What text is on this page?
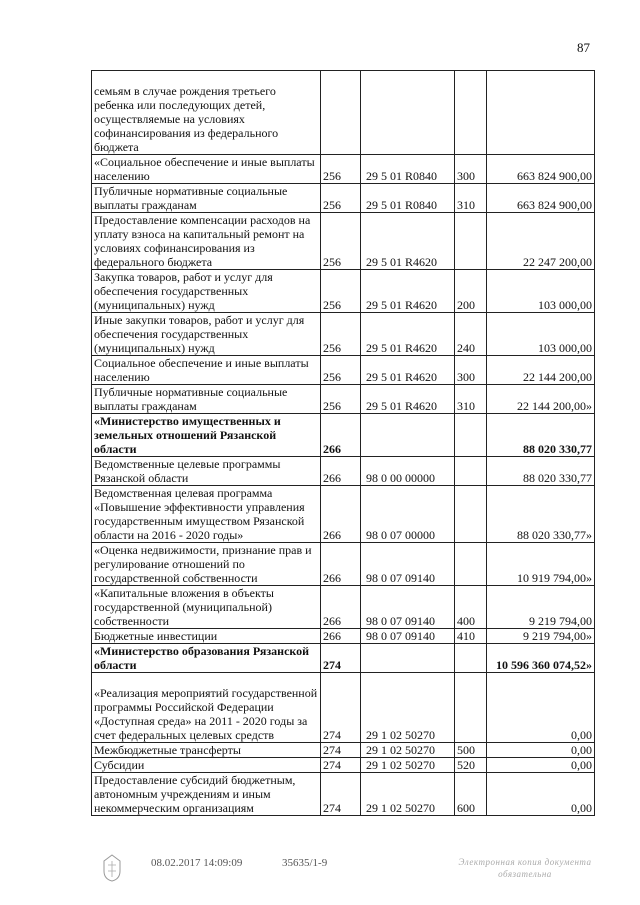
87
семьям в случае рождения третьего ребенка или последующих детей, осуществляемые на условиях софинансирования из федерального бюджета				
«Социальное обеспечение и иные выплаты населению	256	29 5 01 R0840	300	663 824 900,00
Публичные нормативные социальные выплаты гражданам	256	29 5 01 R0840	310	663 824 900,00
Предоставление компенсации расходов на уплату взноса на капитальный ремонт на условиях софинансирования из федерального бюджета	256	29 5 01 R4620		22 247 200,00
Закупка товаров, работ и услуг для обеспечения государственных (муниципальных) нужд	256	29 5 01 R4620	200	103 000,00
Иные закупки товаров, работ и услуг для обеспечения государственных (муниципальных) нужд	256	29 5 01 R4620	240	103 000,00
Социальное обеспечение и иные выплаты населению	256	29 5 01 R4620	300	22 144 200,00
Публичные нормативные социальные выплаты гражданам	256	29 5 01 R4620	310	22 144 200,00»
«Министерство имущественных и земельных отношений Рязанской области	266			88 020 330,77
Ведомственные целевые программы Рязанской области	266	98 0 00 00000		88 020 330,77
Ведомственная целевая программа «Повышение эффективности управления государственным имуществом Рязанской области на 2016 - 2020 годы»	266	98 0 07 00000		88 020 330,77»
«Оценка недвижимости, признание прав и регулирование отношений по государственной собственности	266	98 0 07 09140		10 919 794,00»
«Капитальные вложения в объекты государственной (муниципальной) собственности	266	98 0 07 09140	400	9 219 794,00
Бюджетные инвестиции	266	98 0 07 09140	410	9 219 794,00»
«Министерство образования Рязанской области	274			10 596 360 074,52»
«Реализация мероприятий государственной программы Российской Федерации «Доступная среда» на 2011 - 2020 годы за счет федеральных целевых средств	274	29 1 02 50270		0,00
Межбюджетные трансферты	274	29 1 02 50270	500	0,00
Субсидии	274	29 1 02 50270	520	0,00
Предоставление субсидий бюджетным, автономным учреждениям и иным некоммерческим организациям	274	29 1 02 50270	600	0,00
08.02.2017 14:09:09	35635/1-9	Электронная копия документа
обязательна
